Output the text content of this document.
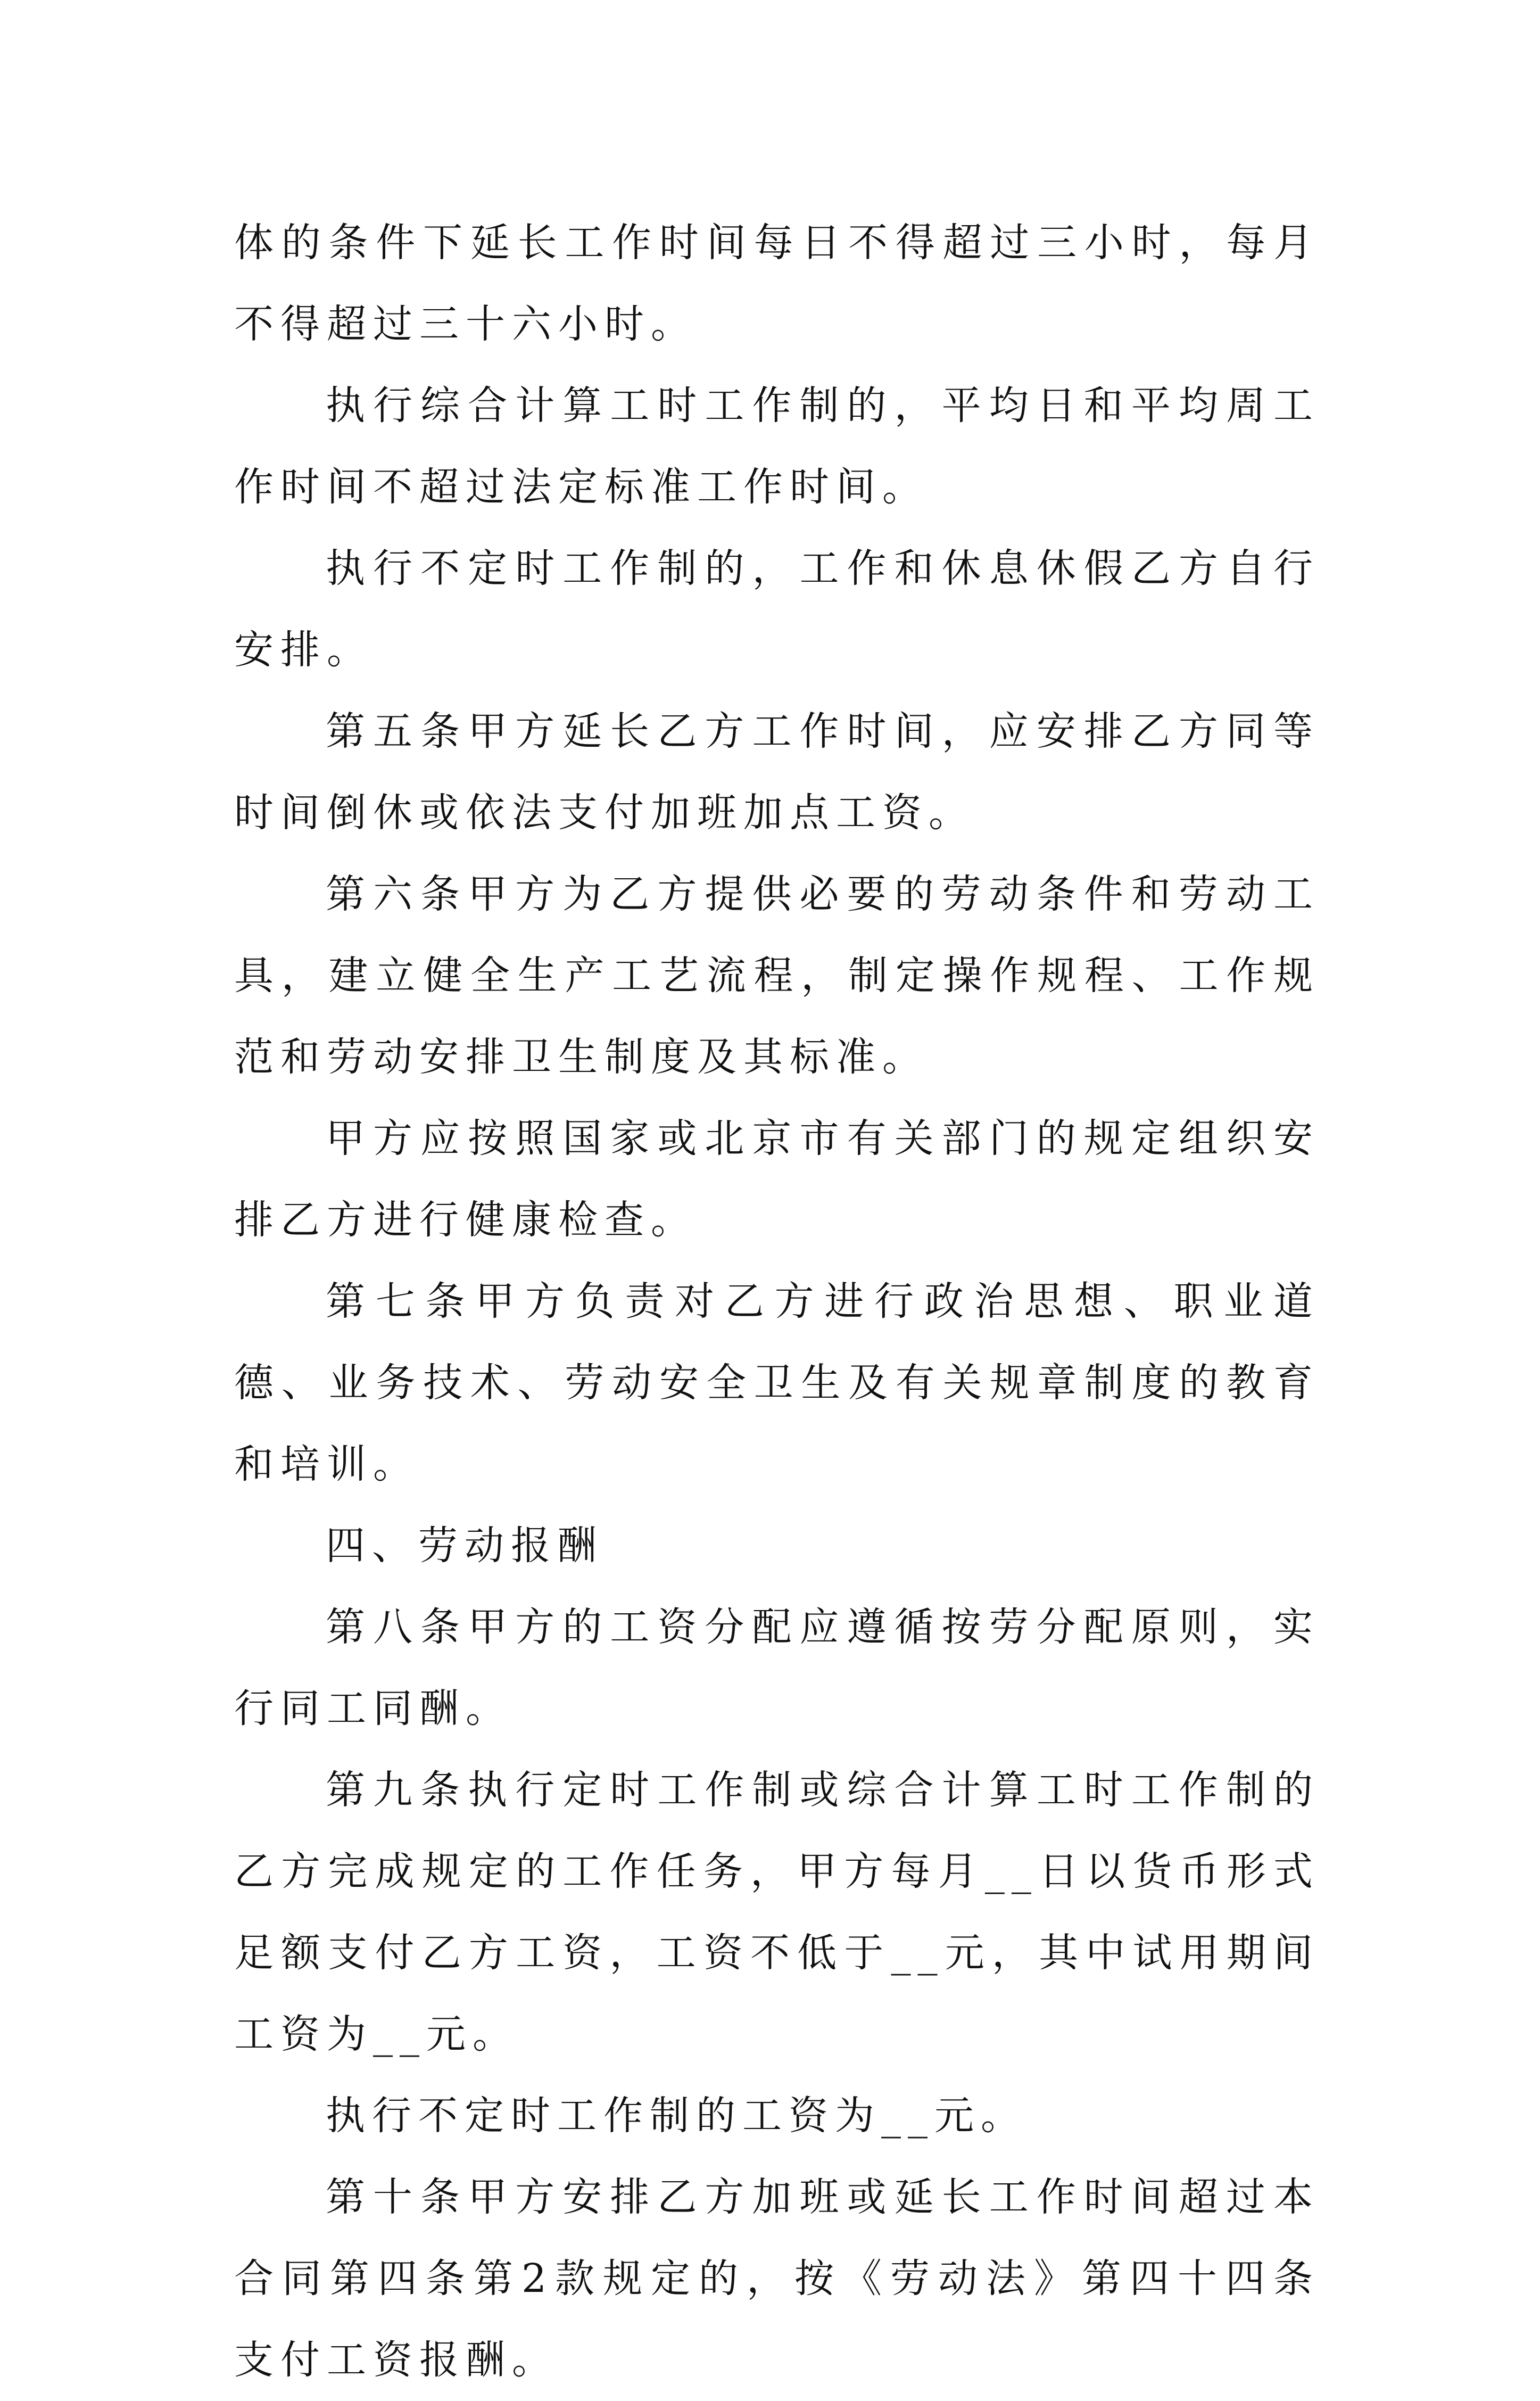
体的条件下延长工作时间每日不得超过三小时，每月不得超过三十六小时。

执行综合计算工时工作制的，平均日和平均周工作时间不超过法定标准工作时间。

执行不定时工作制的，工作和休息休假乙方自行安排。

第五条甲方延长乙方工作时间，应安排乙方同等时间倒休或依法支付加班加点工资。

第六条甲方为乙方提供必要的劳动条件和劳动工具，建立健全生产工艺流程，制定操作规程、工作规范和劳动安排卫生制度及其标准。

甲方应按照国家或北京市有关部门的规定组织安排乙方进行健康检查。

第七条甲方负责对乙方进行政治思想、职业道德、业务技术、劳动安全卫生及有关规章制度的教育和培训。

四、劳动报酬

第八条甲方的工资分配应遵循按劳分配原则，实行同工同酬。

第九条执行定时工作制或综合计算工时工作制的乙方完成规定的工作任务，甲方每月__日以货币形式足额支付乙方工资，工资不低于__元，其中试用期间工资为__元。

执行不定时工作制的工资为__元。

第十条甲方安排乙方加班或延长工作时间超过本合同第四条第2款规定的，按《劳动法》第四十四条支付工资报酬。
